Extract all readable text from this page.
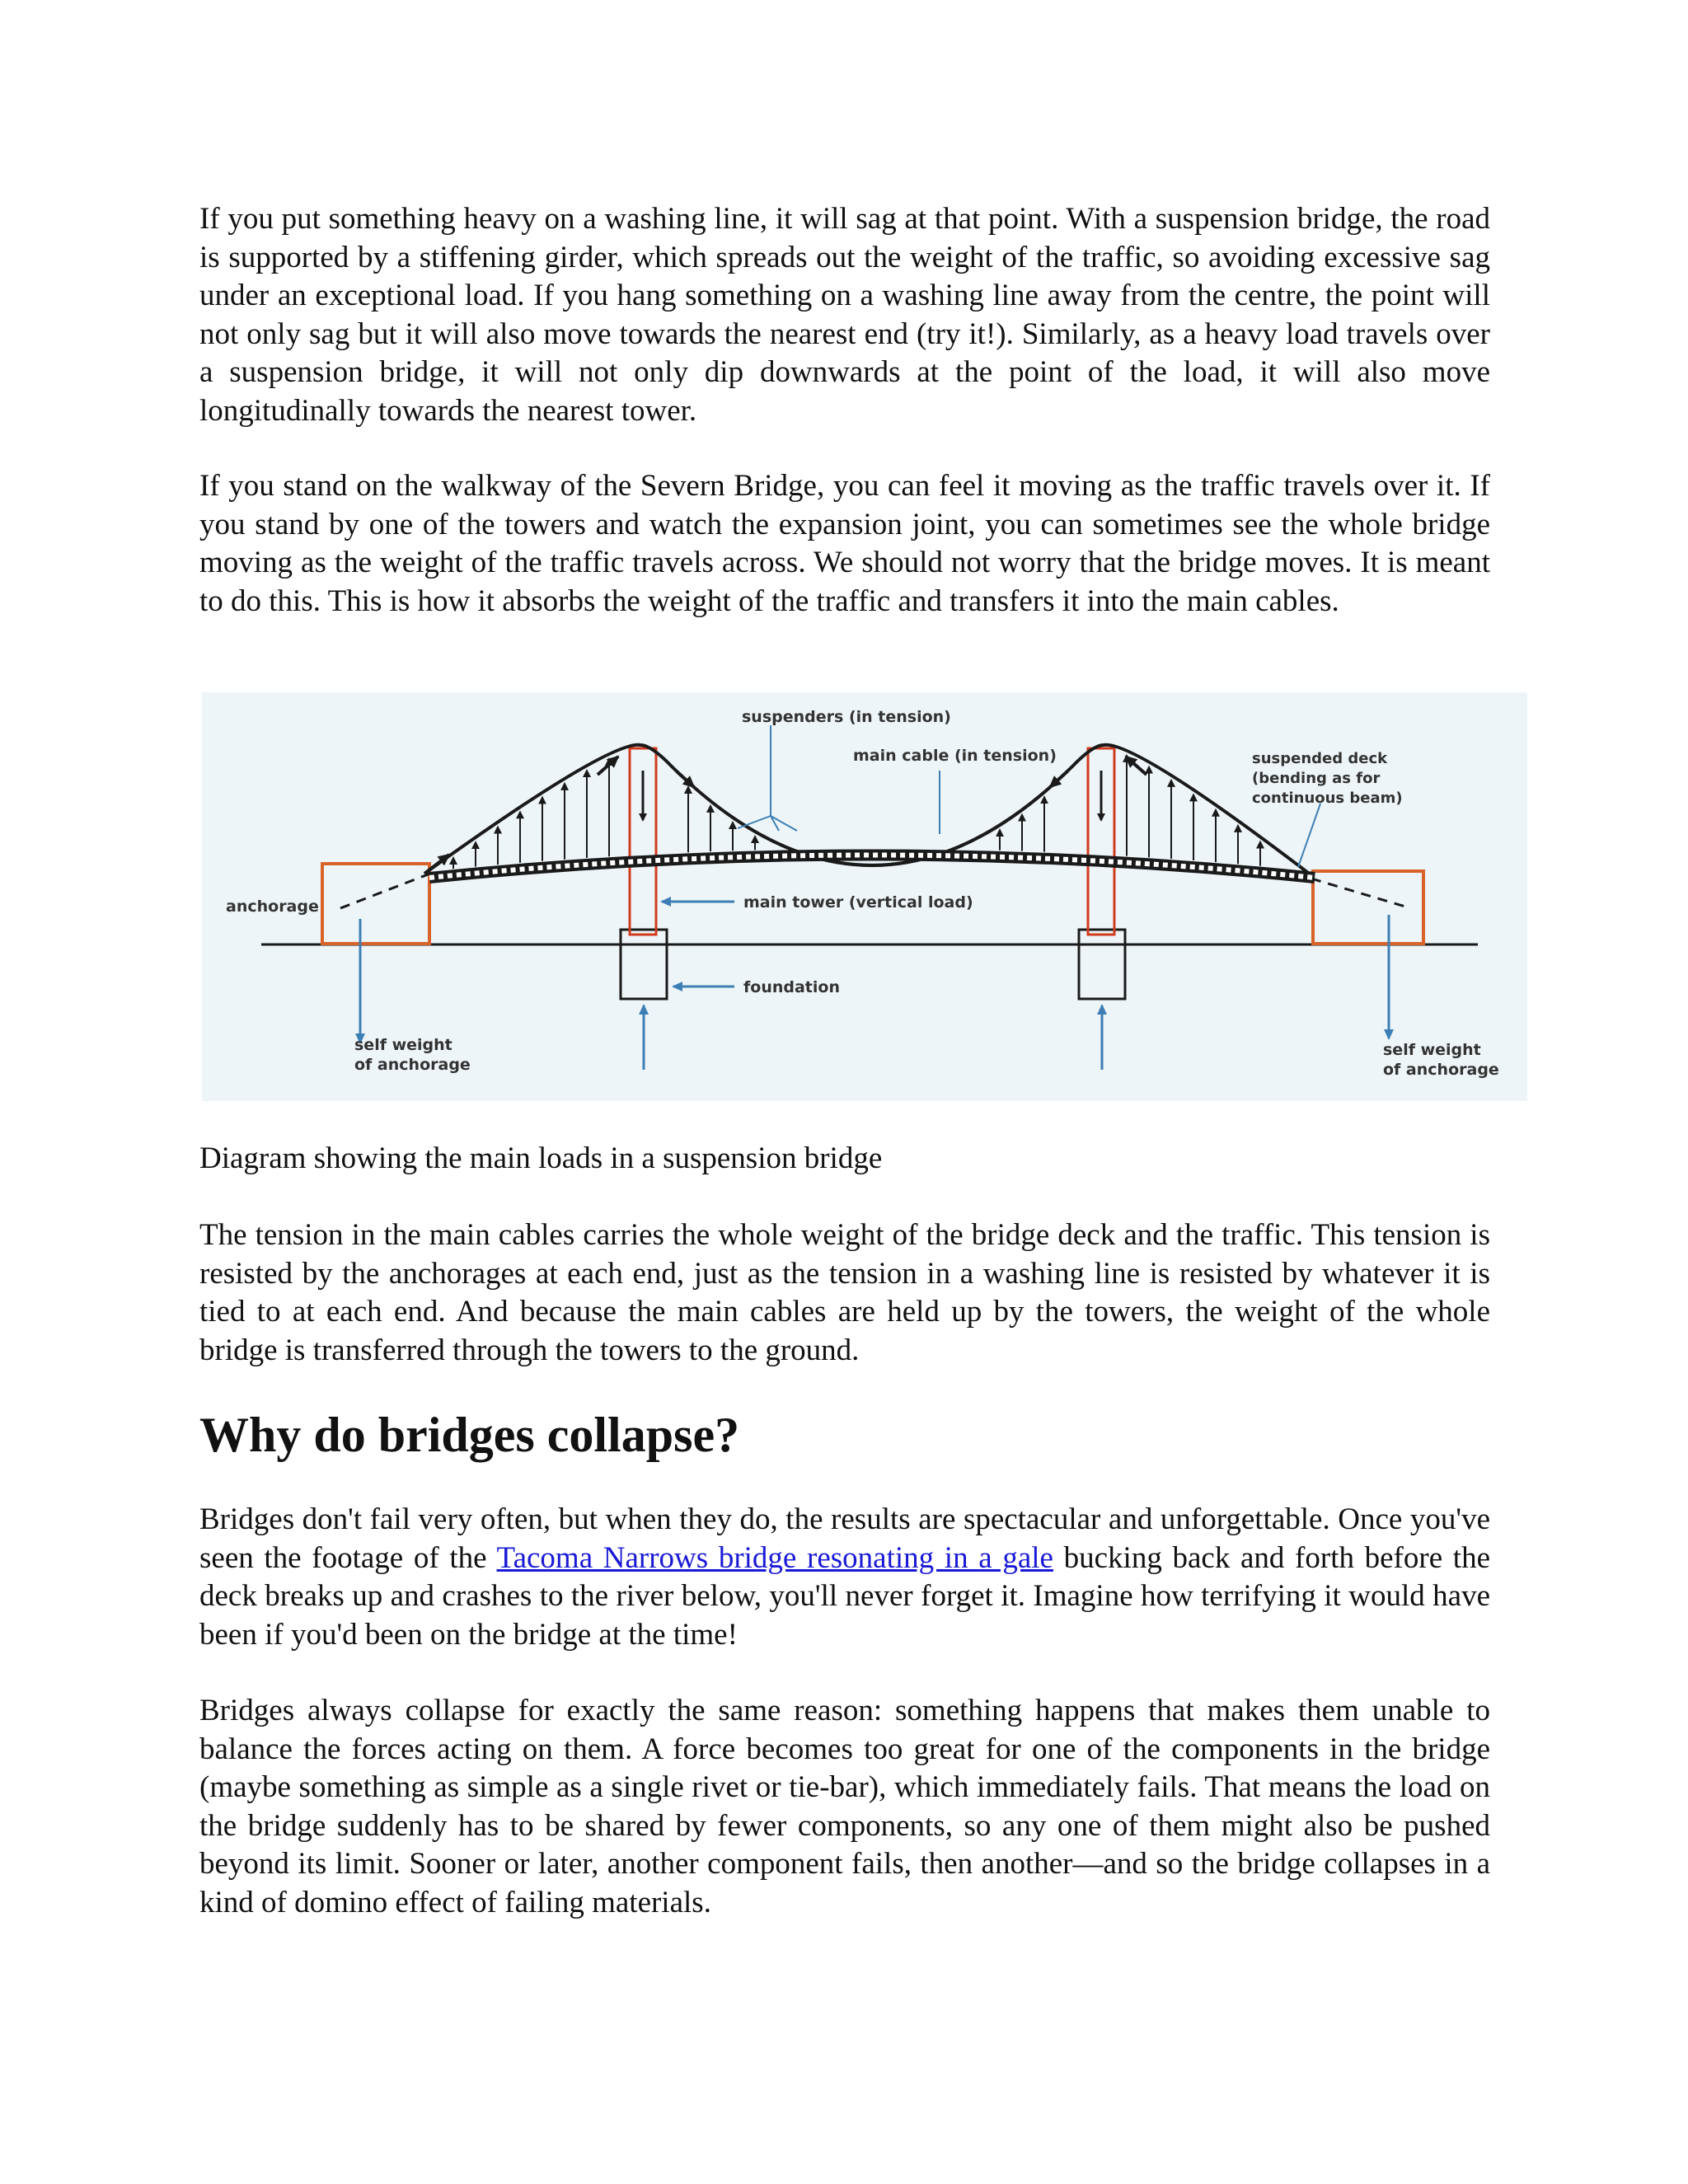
If you put something heavy on a washing line, it will sag at that point. With a suspension bridge, the road is supported by a stiffening girder, which spreads out the weight of the traffic, so avoiding excessive sag under an exceptional load. If you hang something on a washing line away from the centre, the point will not only sag but it will also move towards the nearest end (try it!). Similarly, as a heavy load travels over a suspension bridge, it will not only dip downwards at the point of the load, it will also move longitudinally towards the nearest tower.

If you stand on the walkway of the Severn Bridge, you can feel it moving as the traffic travels over it. If you stand by one of the towers and watch the expansion joint, you can sometimes see the whole bridge moving as the weight of the traffic travels across. We should not worry that the bridge moves. It is meant to do this. This is how it absorbs the weight of the traffic and transfers it into the main cables.

suspenders (in tension)
main cable (in tension)	suspended deck
(bending as for
continuous beam)
anchorage	main tower (vertical load)
foundation
self weight
of anchorage
self weight
of anchorage

Diagram showing the main loads in a suspension bridge

The tension in the main cables carries the whole weight of the bridge deck and the traffic. This tension is resisted by the anchorages at each end, just as the tension in a washing line is resisted by whatever it is tied to at each end. And because the main cables are held up by the towers, the weight of the whole bridge is transferred through the towers to the ground.

Why do bridges collapse?

Bridges don't fail very often, but when they do, the results are spectacular and unforgettable. Once you've seen the footage of the Tacoma Narrows bridge resonating in a gale bucking back and forth before the deck breaks up and crashes to the river below, you'll never forget it. Imagine how terrifying it would have been if you'd been on the bridge at the time!

Bridges always collapse for exactly the same reason: something happens that makes them unable to balance the forces acting on them. A force becomes too great for one of the components in the bridge (maybe something as simple as a single rivet or tie-bar), which immediately fails. That means the load on the bridge suddenly has to be shared by fewer components, so any one of them might also be pushed beyond its limit. Sooner or later, another component fails, then another—and so the bridge collapses in a kind of domino effect of failing materials.
